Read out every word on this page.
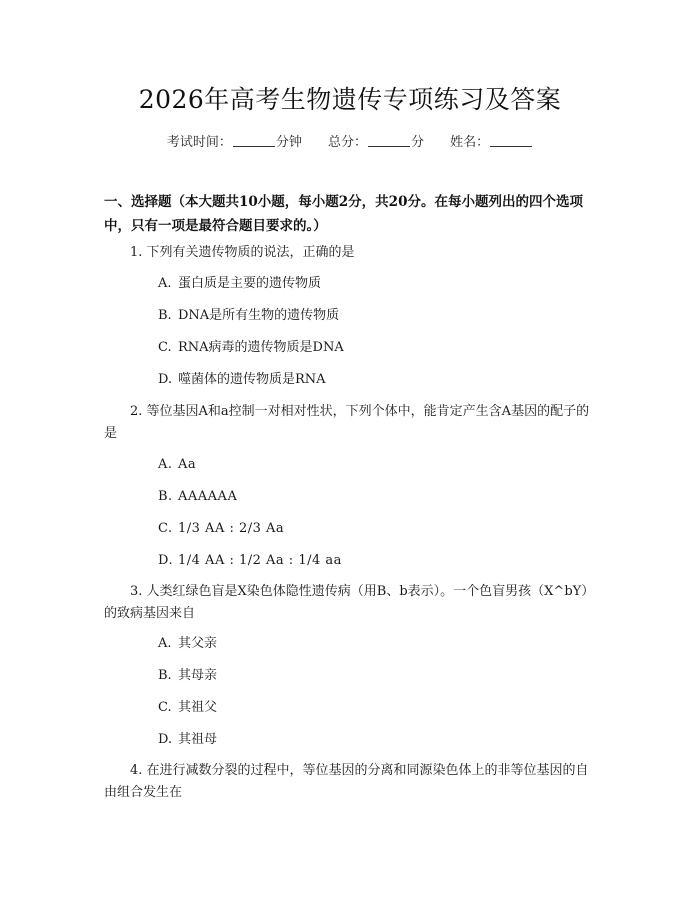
2026年高考生物遗传专项练习及答案
考试时间：	分钟 总分：	分 姓名：
一、选择题（本大题共10小题，每小题2分，共20分。在每小题列出的四个选项中，只有一项是最符合题目要求的。）
1. 下列有关遗传物质的说法，正确的是
A. 蛋白质是主要的遗传物质
B. DNA是所有生物的遗传物质
C. RNA病毒的遗传物质是DNA
D. 噬菌体的遗传物质是RNA
2. 等位基因A和a控制一对相对性状，下列个体中，能肯定产生含A基因的配子的是
A. Aa
B. AAAAAA
C. 1/3 AA : 2/3 Aa
D. 1/4 AA : 1/2 Aa : 1/4 aa
3. 人类红绿色盲是X染色体隐性遗传病（用B、b表示）。一个色盲男孩（X^bY）的致病基因来自
A. 其父亲
B. 其母亲
C. 其祖父
D. 其祖母
4. 在进行减数分裂的过程中，等位基因的分离和同源染色体上的非等位基因的自由组合发生在
